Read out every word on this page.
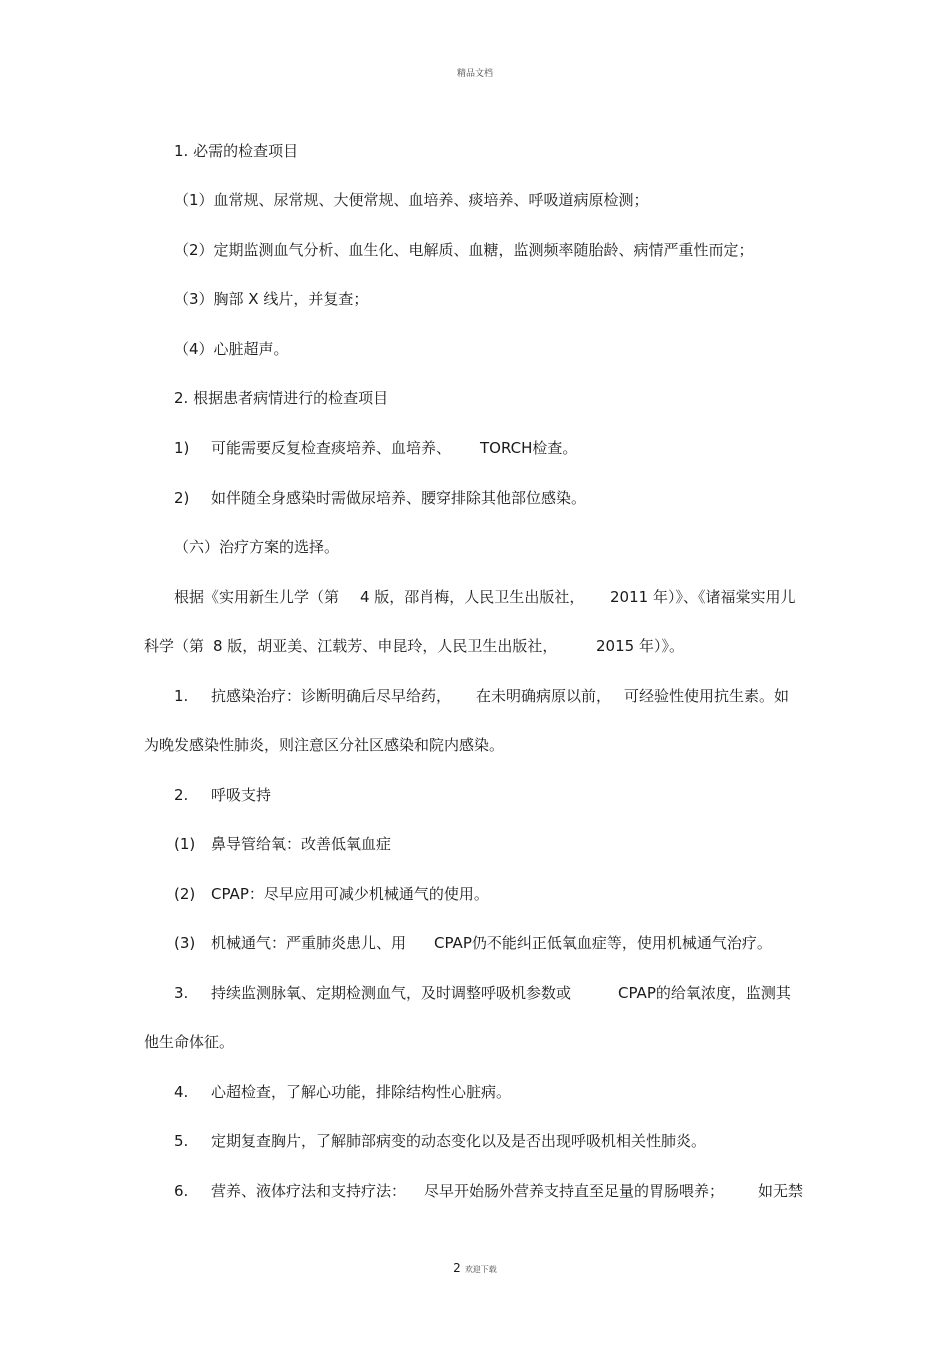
精品文档
1. 必需的检查项目
（1）血常规、尿常规、大便常规、血培养、痰培养、呼吸道病原检测；
（2）定期监测血气分析、血生化、电解质、血糖，监测频率随胎龄、病情严重性而定；
（3）胸部 X 线片，并复查；
（4）心脏超声。
2. 根据患者病情进行的检查项目
1) 可能需要反复检查痰培养、血培养、 TORCH检查。
2) 如伴随全身感染时需做尿培养、腰穿排除其他部位感染。
（六）治疗方案的选择。
根据《实用新生儿学（第 4 版，邵肖梅，人民卫生出版社， 2011 年）》、《诸福棠实用儿
科学（第 8 版，胡亚美、江载芳、申昆玲，人民卫生出版社，	2015 年）》。
1. 抗感染治疗：诊断明确后尽早给药， 在未明确病原以前， 可经验性使用抗生素。如
为晚发感染性肺炎，则注意区分社区感染和院内感染。
2. 呼吸支持
(1) 鼻导管给氧：改善低氧血症
(2) CPAP：尽早应用可减少机械通气的使用。
(3) 机械通气：严重肺炎患儿、用 CPAP仍不能纠正低氧血症等，使用机械通气治疗。
3. 持续监测脉氧、定期检测血气，及时调整呼吸机参数或	CPAP的给氧浓度，监测其
他生命体征。
4. 心超检查，了解心功能，排除结构性心脏病。
5. 定期复查胸片，了解肺部病变的动态变化以及是否出现呼吸机相关性肺炎。
6. 营养、液体疗法和支持疗法： 尽早开始肠外营养支持直至足量的胃肠喂养； 如无禁
2 欢迎下载
